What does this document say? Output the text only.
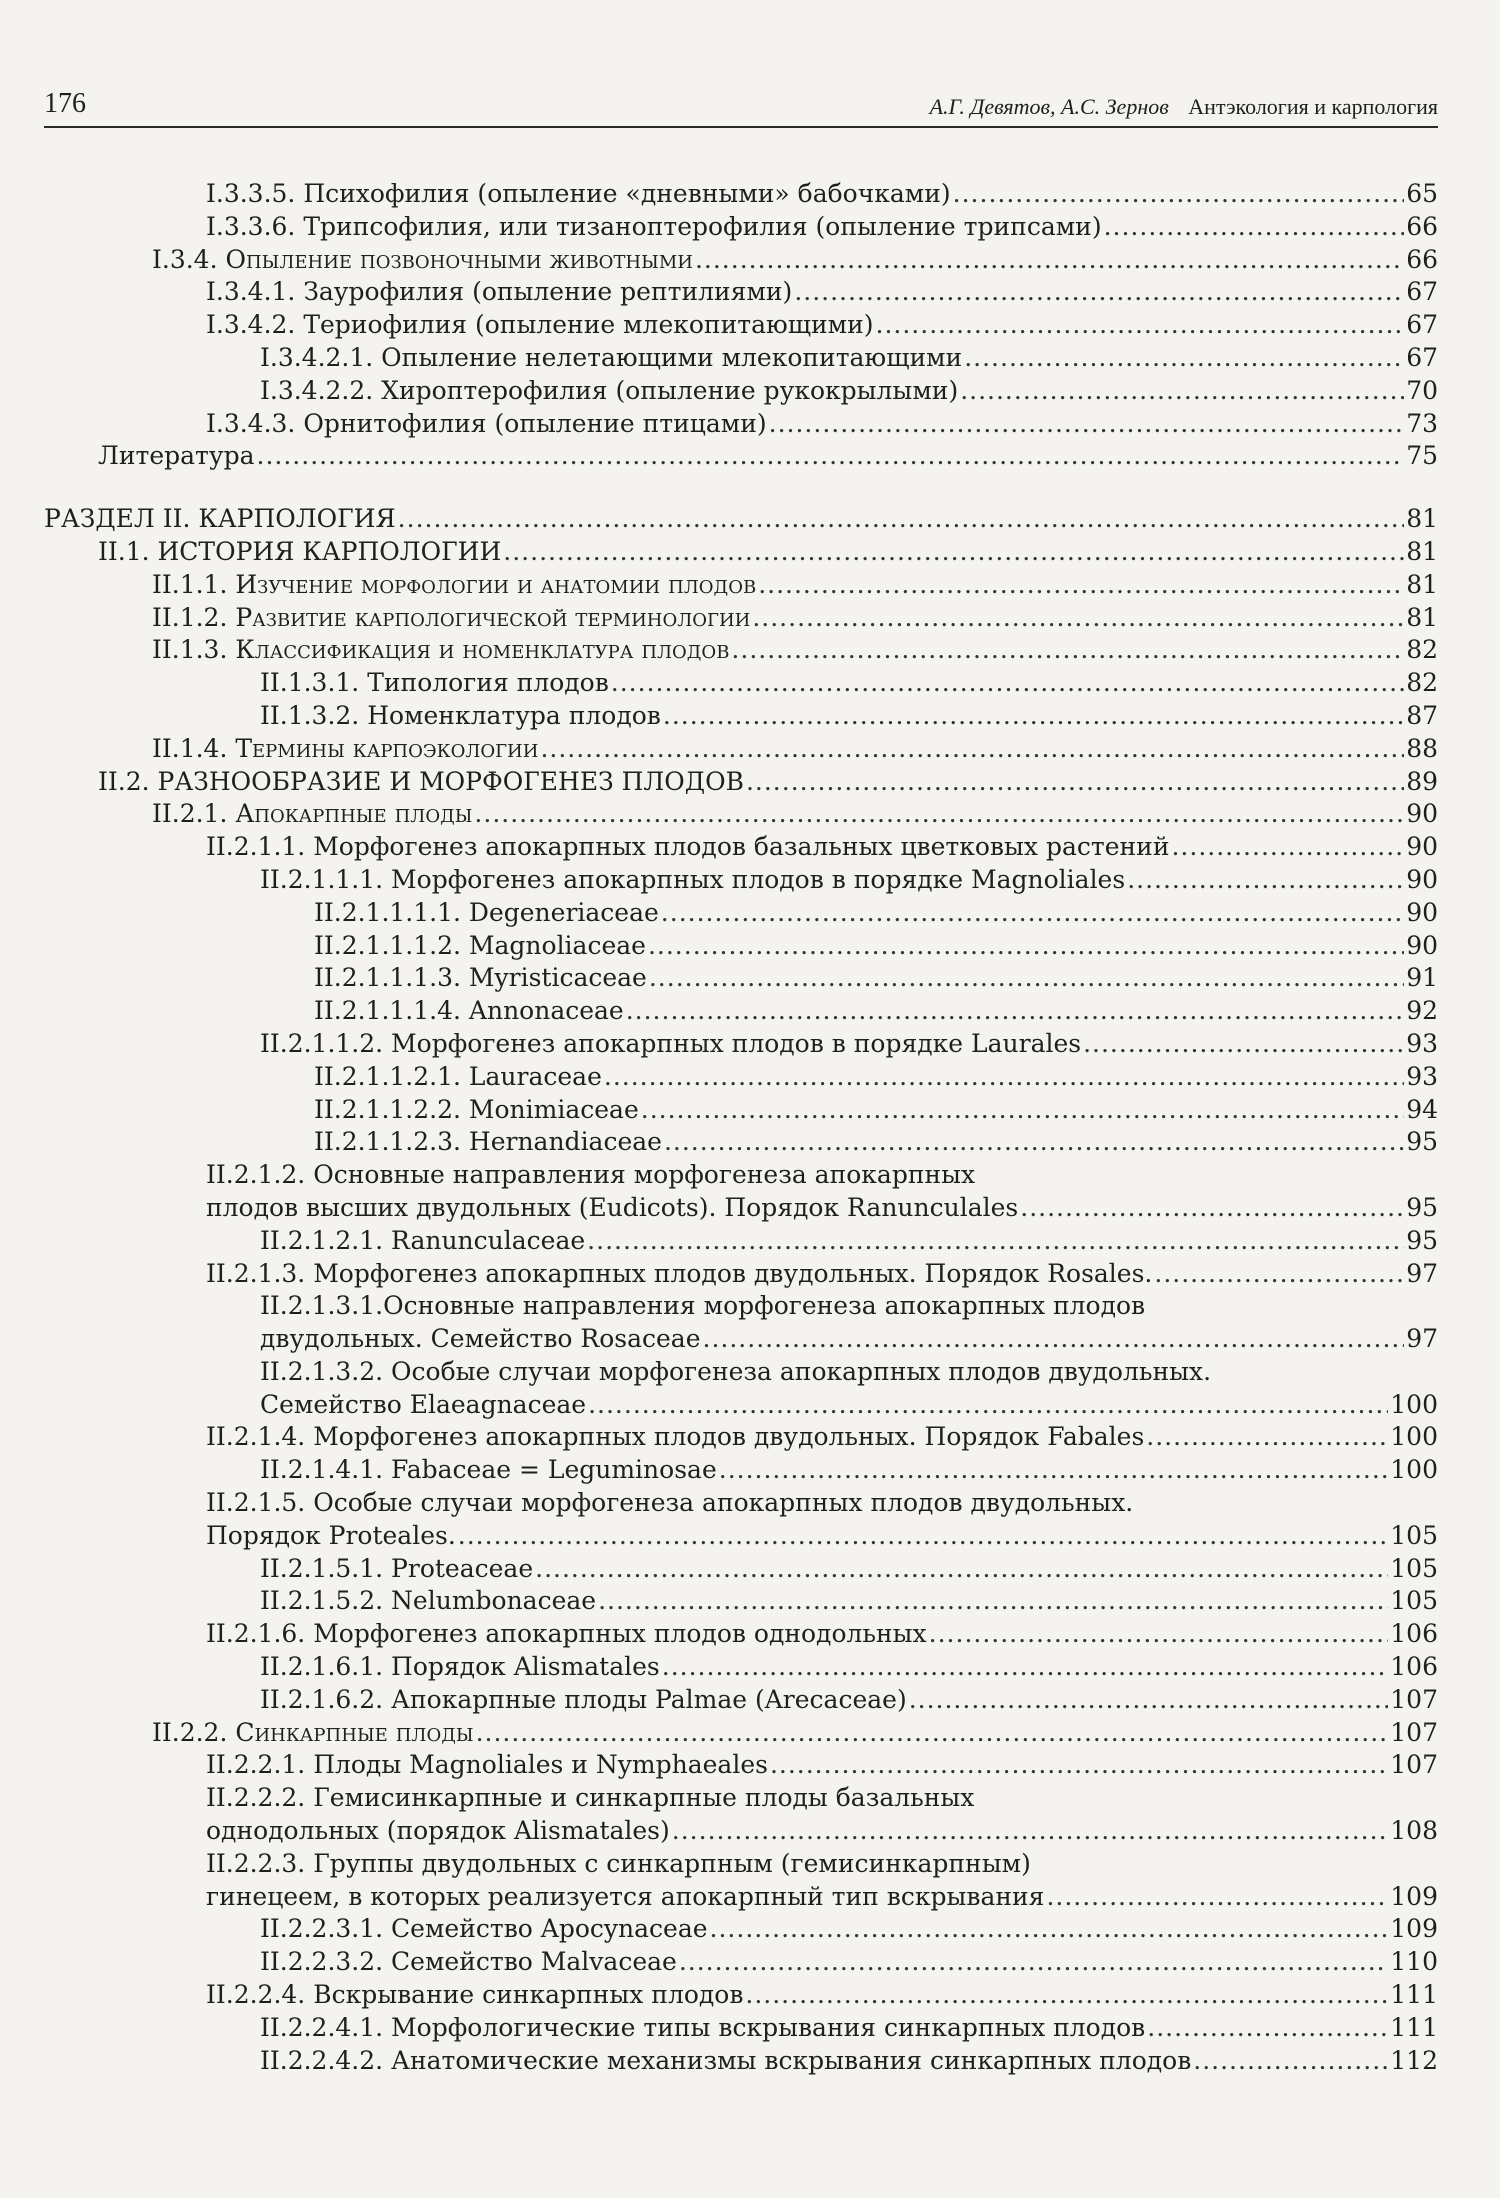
176	А.Г. Девятов, А.С. Зернов Антэкология и карпология
I.3.3.5. Психофилия (опыление «дневными» бабочками) .....	65
I.3.3.6. Трипсофилия, или тизаноптерофилия (опыление трипсами) .....	66
I.3.4. Опыление позвоночными животными .....	66
I.3.4.1. Заурофилия (опыление рептилиями) .....	67
I.3.4.2. Териофилия (опыление млекопитающими) .....	67
I.3.4.2.1. Опыление нелетающими млекопитающими .....	67
I.3.4.2.2. Хироптерофилия (опыление рукокрылыми) .....	70
I.3.4.3. Орнитофилия (опыление птицами) .....	73
Литература .....	75
РАЗДЕЛ II. КАРПОЛОГИЯ .....	81
II.1. ИСТОРИЯ КАРПОЛОГИИ .....	81
II.1.1. Изучение морфологии и анатомии плодов .....	81
II.1.2. Развитие карпологической терминологии .....	81
II.1.3. Классификация и номенклатура плодов .....	82
II.1.3.1. Типология плодов .....	82
II.1.3.2. Номенклатура плодов .....	87
II.1.4. Термины карпоэкологии .....	88
II.2. РАЗНООБРАЗИЕ И МОРФОГЕНЕЗ ПЛОДОВ .....	89
II.2.1. Апокарпные плоды .....	90
II.2.1.1. Морфогенез апокарпных плодов базальных цветковых растений .....	90
II.2.1.1.1. Морфогенез апокарпных плодов в порядке Magnoliales .....	90
II.2.1.1.1.1. Degeneriaceae .....	90
II.2.1.1.1.2. Magnoliaceae .....	90
II.2.1.1.1.3. Myristicaceae .....	91
II.2.1.1.1.4. Annonaceae .....	92
II.2.1.1.2. Морфогенез апокарпных плодов в порядке Laurales .....	93
II.2.1.1.2.1. Lauraceae .....	93
II.2.1.1.2.2. Monimiaceae .....	94
II.2.1.1.2.3. Hernandiaceae .....	95
II.2.1.2. Основные направления морфогенеза апокарпных
плодов высших двудольных (Eudicots). Порядок Ranunculales .....	95
II.2.1.2.1. Ranunculaceae .....	95
II.2.1.3. Морфогенез апокарпных плодов двудольных. Порядок Rosales. .....	97
II.2.1.3.1.Основные направления морфогенеза апокарпных плодов
двудольных. Семейство Rosaceae .....	97
II.2.1.3.2. Особые случаи морфогенеза апокарпных плодов двудольных.
Семейство Elaeagnaceae .....	100
II.2.1.4. Морфогенез апокарпных плодов двудольных. Порядок Fabales .....	100
II.2.1.4.1. Fabaceae = Leguminosae .....	100
II.2.1.5. Особые случаи морфогенеза апокарпных плодов двудольных.
Порядок Proteales. .....	105
II.2.1.5.1. Proteaceae .....	105
II.2.1.5.2. Nelumbonaceae .....	105
II.2.1.6. Морфогенез апокарпных плодов однодольных .....	106
II.2.1.6.1. Порядок Alismatales .....	106
II.2.1.6.2. Апокарпные плоды Palmae (Arecaceae) .....	107
II.2.2. Синкарпные плоды .....	107
II.2.2.1. Плоды Magnoliales и Nymphaeales .....	107
II.2.2.2. Гемисинкарпные и синкарпные плоды базальных
однодольных (порядок Alismatales) .....	108
II.2.2.3. Группы двудольных с синкарпным (гемисинкарпным)
гинецеем, в которых реализуется апокарпный тип вскрывания .....	109
II.2.2.3.1. Семейство Apocynaceae .....	109
II.2.2.3.2. Семейство Malvaceae .....	110
II.2.2.4. Вскрывание синкарпных плодов .....	111
II.2.2.4.1. Морфологические типы вскрывания синкарпных плодов .....	111
II.2.2.4.2. Анатомические механизмы вскрывания синкарпных плодов .....	112
